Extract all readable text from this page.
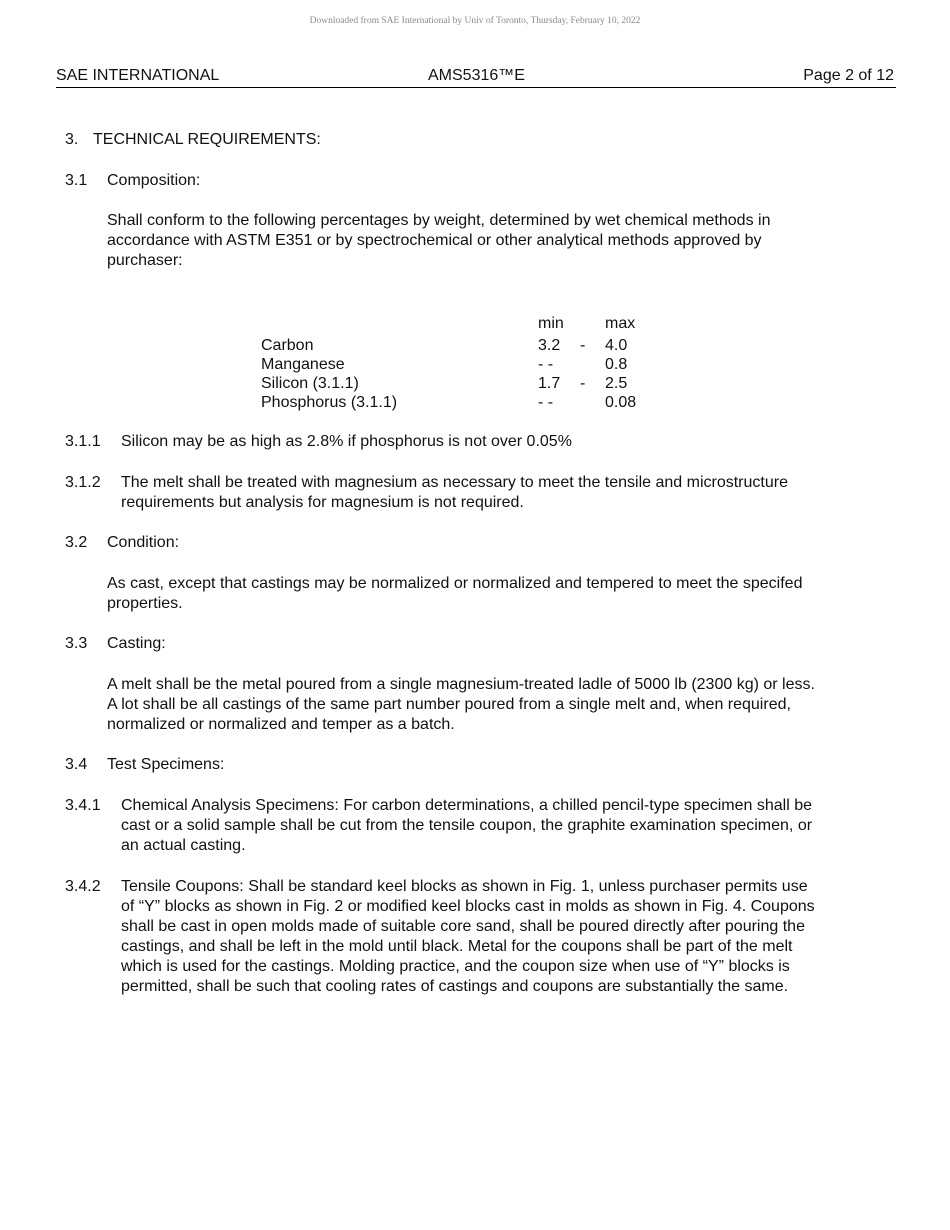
Downloaded from SAE International by Univ of Toronto, Thursday, February 10, 2022
SAE INTERNATIONAL	AMS5316™E	Page 2 of 12
3. TECHNICAL REQUIREMENTS:
3.1 Composition:
Shall conform to the following percentages by weight, determined by wet chemical methods in
accordance with ASTM E351 or by spectrochemical or other analytical methods approved by
purchaser:
min	max
Carbon	3.2 - 4.0
Manganese	- -	0.8
Silicon (3.1.1)	1.7 - 2.5
Phosphorus (3.1.1)	- -	0.08
3.1.1 Silicon may be as high as 2.8% if phosphorus is not over 0.05%
3.1.2 The melt shall be treated with magnesium as necessary to meet the tensile and microstructure
requirements but analysis for magnesium is not required.
3.2 Condition:
As cast, except that castings may be normalized or normalized and tempered to meet the specifed
properties.
3.3 Casting:
A melt shall be the metal poured from a single magnesium-treated ladle of 5000 lb (2300 kg) or less.
A lot shall be all castings of the same part number poured from a single melt and, when required,
normalized or normalized and temper as a batch.
3.4 Test Specimens:
3.4.1 Chemical Analysis Specimens: For carbon determinations, a chilled pencil-type specimen shall be
cast or a solid sample shall be cut from the tensile coupon, the graphite examination specimen, or
an actual casting.
3.4.2 Tensile Coupons: Shall be standard keel blocks as shown in Fig. 1, unless purchaser permits use
of “Y” blocks as shown in Fig. 2 or modified keel blocks cast in molds as shown in Fig. 4. Coupons
shall be cast in open molds made of suitable core sand, shall be poured directly after pouring the
castings, and shall be left in the mold until black. Metal for the coupons shall be part of the melt
which is used for the castings. Molding practice, and the coupon size when use of “Y” blocks is
permitted, shall be such that cooling rates of castings and coupons are substantially the same.
